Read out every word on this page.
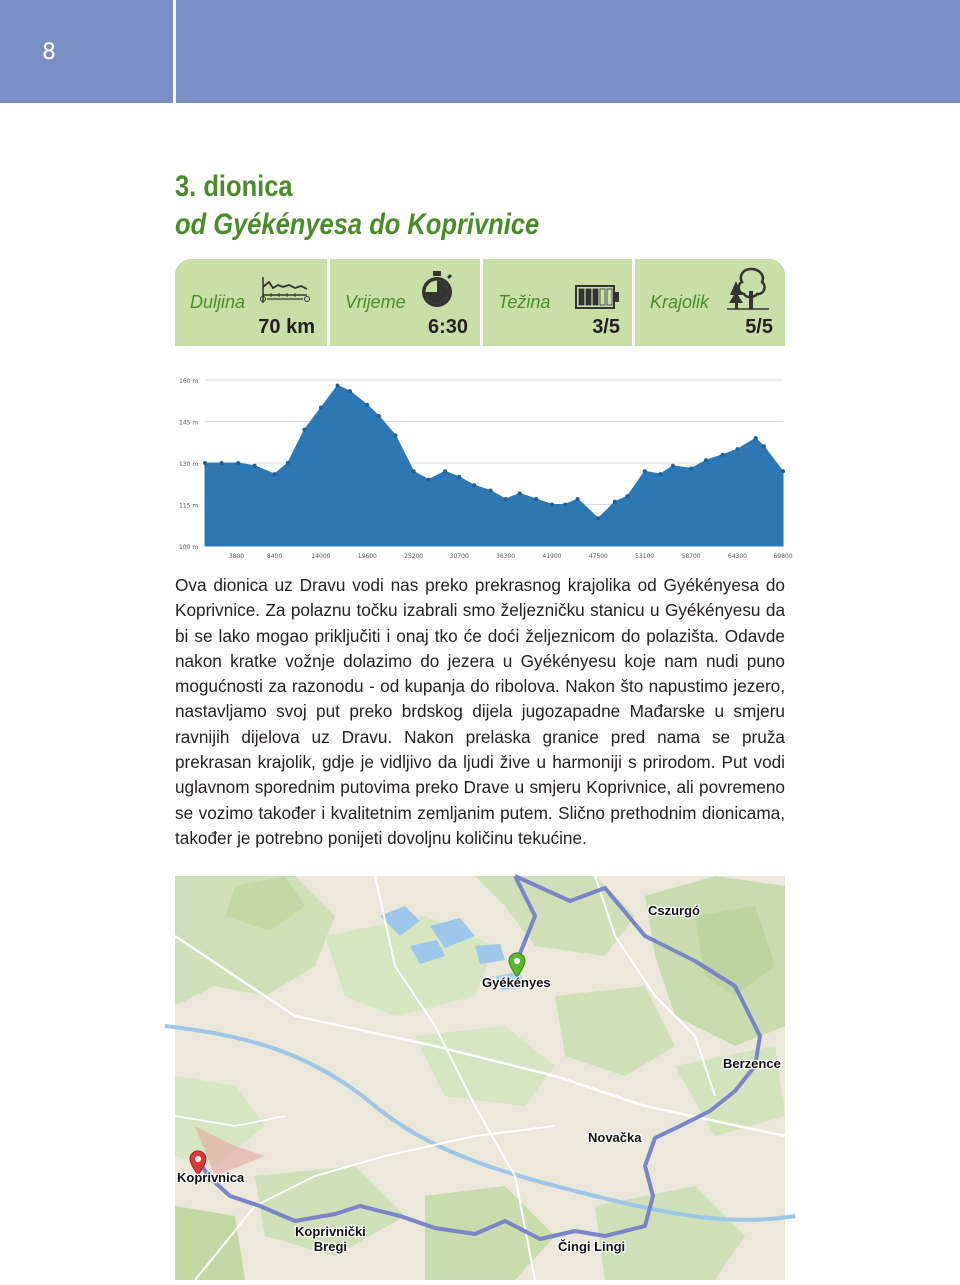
8
3. dionica
od Gyékényesa do Koprivnice
Duljina
70 km
Vrijeme
6:30
Težina
3/5
Krajolik
5/5
160 m
145 m
130 m
115 m
100 m
3800	8400	14000	19600	25200	30700	36300	41900	47500	53100	58700	64300	69800
Ova dionica uz Dravu vodi nas preko prekrasnog krajolika od Gyékényesa do Koprivnice. Za polaznu točku izabrali smo željezničku stanicu u Gyékényesu da bi se lako mogao priključiti i onaj tko će doći željeznicom do polazišta. Odavde nakon kratke vožnje dolazimo do jezera u Gyékényesu koje nam nudi puno mogućnosti za razonodu - od kupanja do ribolova. Nakon što napustimo jezero, nastavljamo svoj put preko brdskog dijela jugozapadne Mađarske u smjeru ravnijih dijelova uz Dravu. Nakon prelaska granice pred nama se pruža prekrasan krajolik, gdje je vidljivo da ljudi žive u harmoniji s prirodom. Put vodi uglavnom sporednim putovima preko Drave u smjeru Koprivnice, ali povremeno se vozimo također i kvalitetnim zemljanim putem. Slično prethodnim dionicama, također je potrebno ponijeti dovoljnu količinu tekućine.
Cszurgó
Gyékényes
Berzence
Novačka
Koprivnica
Koprivnički
Bregi	Čingi Lingi
